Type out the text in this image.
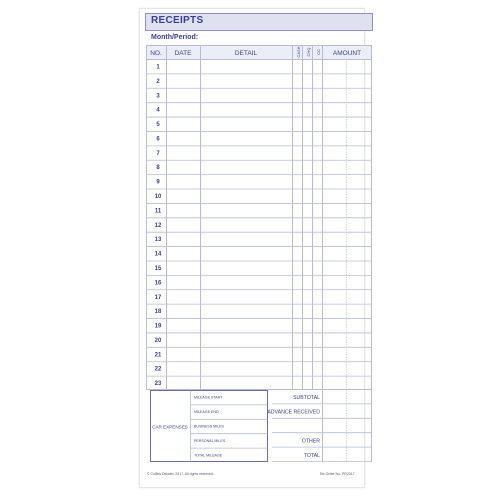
RECEIPTS
Month/Period:
NO. DATE	DETAIL	CASH CHQ CC AMOUNT
1
2
3
4
5
6
7
8
9
10
11
12
13
14
15
16
17
18
19
20
21
22
23
CAR EXPENSES
MILEAGE START
MILEAGE END
BUSINESS MILES
PERSONAL MILES
TOTAL MILEAGE
SUBTOTAL
ADVANCE RECEIVED
OTHER
TOTAL
© Collins Debden 2017. All rights reserved.	Re-Order No. PR2017
